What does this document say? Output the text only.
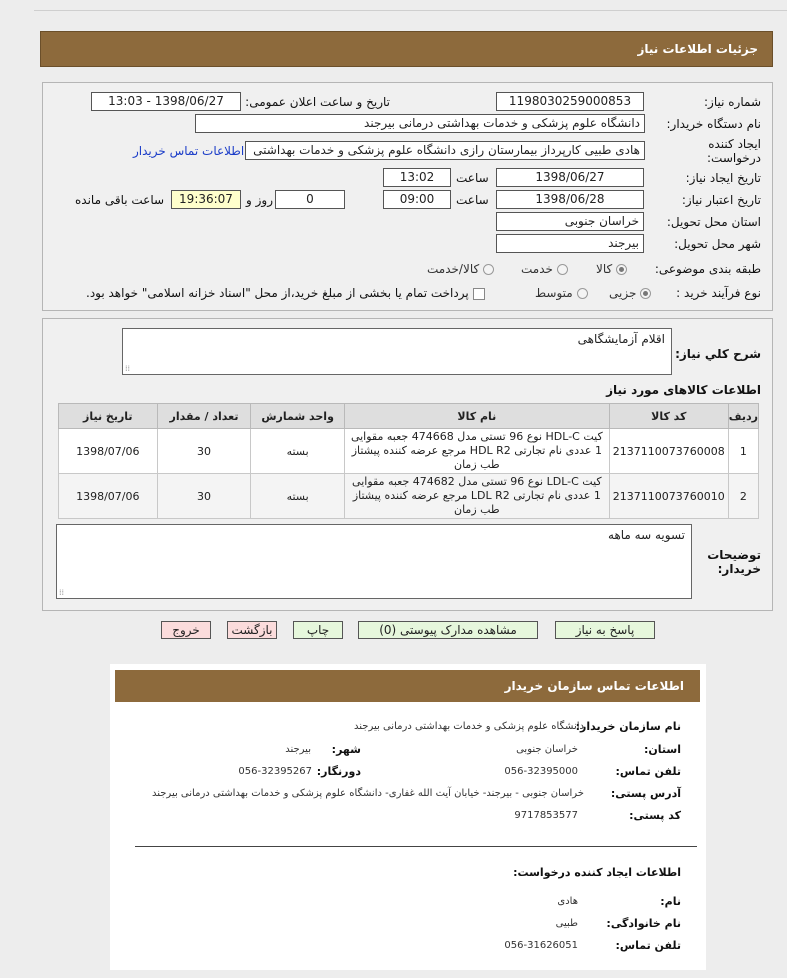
جزئیات اطلاعات نیاز
شماره نیاز:
1198030259000853
تاریخ و ساعت اعلان عمومی:
1398/06/27 - 13:03
نام دستگاه خریدار:
دانشگاه علوم پزشکی و خدمات بهداشتی درمانی بیرجند
ایجاد کننده درخواست:
هادی طبیی کارپرداز بیمارستان رازی دانشگاه علوم پزشکی و خدمات بهداشتی
اطلاعات تماس خریدار
تاریخ ایجاد نیاز:
1398/06/27
ساعت
13:02
تاریخ اعتبار نیاز:
1398/06/28
ساعت
09:00
0
روز و
19:36:07
ساعت باقی مانده
استان محل تحویل:
خراسان جنوبی
شهر محل تحویل:
بیرجند
طبقه بندی موضوعی:
کالا
خدمت
کالا/خدمت
نوع فرآیند خرید :
جزیی
متوسط
پرداخت تمام یا بخشی از مبلغ خرید،از محل "اسناد خزانه اسلامی" خواهد بود.
شرح کلي نياز:
اقلام آزمایشگاهی
⁞⁞
اطلاعات کالاهای مورد نیاز
رديف	کد کالا	نام کالا	واحد شمارش	تعداد / مقدار	تاریخ نیاز
1	2137110073760008	کیت HDL-C نوع 96 تستی مدل 474668 جعبه مقوایی 1 عددی نام تجارتی HDL R2 مرجع عرضه کننده پیشتاز طب زمان	بسته	30	1398/07/06
2	2137110073760010	کیت LDL-C نوع 96 تستی مدل 474682 جعبه مقوایی 1 عددی نام تجارتی LDL R2 مرجع عرضه کننده پیشتاز طب زمان	بسته	30	1398/07/06
توضیحات خریدار:
تسویه سه ماهه
⁞⁞
پاسخ به نیاز
مشاهده مدارک پیوستی (0)
چاپ
بازگشت
خروج
اطلاعات تماس سازمان خریدار
نام سازمان خریدار:
دانشگاه علوم پزشکی و خدمات بهداشتی درمانی بیرجند
استان:
خراسان جنوبی
شهر:
بیرجند
تلفن تماس:
056-32395000
دورنگار:
056-32395267
آدرس پستی:
خراسان جنوبی - بیرجند- خیابان آیت الله غفاری- دانشگاه علوم پزشکی و خدمات بهداشتی درمانی بیرجند
کد پستی:
9717853577
اطلاعات ایجاد کننده درخواست:
نام:
هادی
نام خانوادگی:
طبیی
تلفن تماس:
056-31626051
